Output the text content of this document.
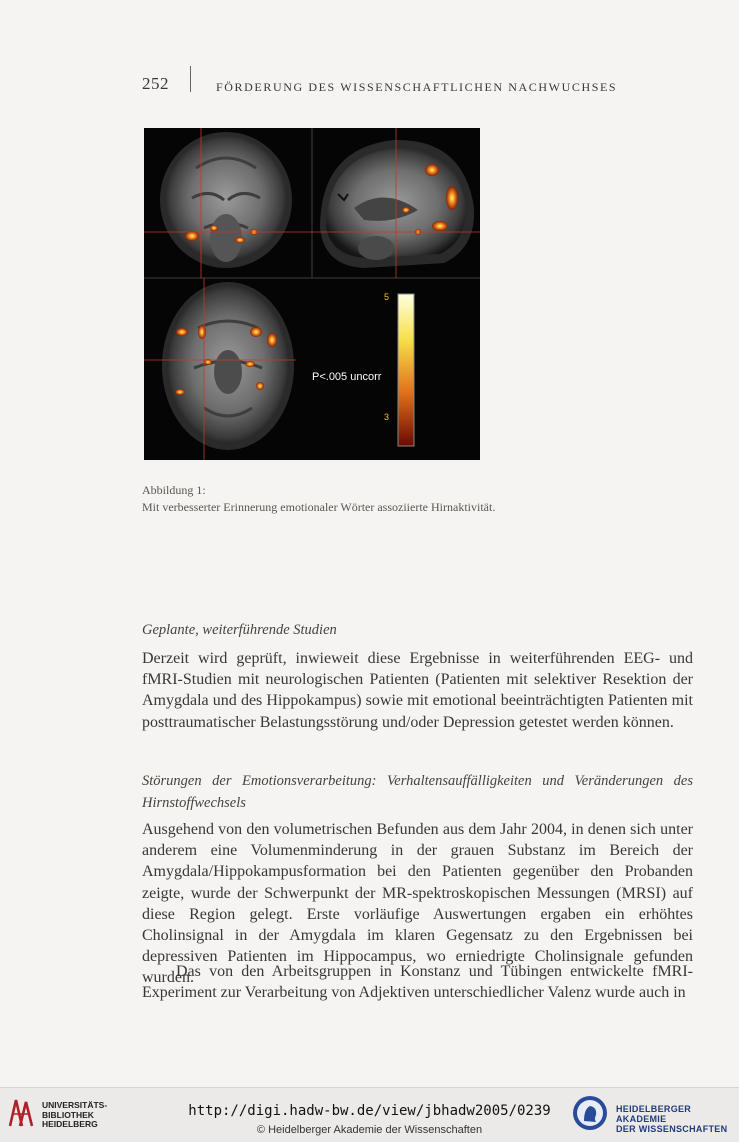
252	FÖRDERUNG DES WISSENSCHAFTLICHEN NACHWUCHSES
5
3
P<.005 uncorr
Abbildung 1:
Mit verbesserter Erinnerung emotionaler Wörter assoziierte Hirnaktivität.
Geplante, weiterführende Studien
Derzeit wird geprüft, inwieweit diese Ergebnisse in weiterführenden EEG- und fMRI-Studien mit neurologischen Patienten (Patienten mit selektiver Resektion der Amygdala und des Hippokampus) sowie mit emotional beeinträchtigten Patienten mit posttraumatischer Belastungsstörung und/oder Depression getestet werden können.
Störungen der Emotionsverarbeitung: Verhaltensauffälligkeiten und Veränderungen des Hirnstoffwechsels
Ausgehend von den volumetrischen Befunden aus dem Jahr 2004, in denen sich unter anderem eine Volumenminderung in der grauen Substanz im Bereich der Amygdala/Hippokampusformation bei den Patienten gegenüber den Probanden zeigte, wurde der Schwerpunkt der MR-spektroskopischen Messungen (MRSI) auf diese Region gelegt. Erste vorläufige Auswertungen ergaben ein erhöhtes Cholinsignal in der Amygdala im klaren Gegensatz zu den Ergebnissen bei depressiven Patienten im Hippocampus, wo erniedrigte Cholinsignale gefunden wurden.
Das von den Arbeitsgruppen in Konstanz und Tübingen entwickelte fMRI-Experiment zur Verarbeitung von Adjektiven unterschiedlicher Valenz wurde auch in
UNIVERSITÄTS-
BIBLIOTHEK
HEIDELBERG
http://digi.hadw-bw.de/view/jbhadw2005/0239
© Heidelberger Akademie der Wissenschaften
HEIDELBERGER AKADEMIE
DER WISSENSCHAFTEN
